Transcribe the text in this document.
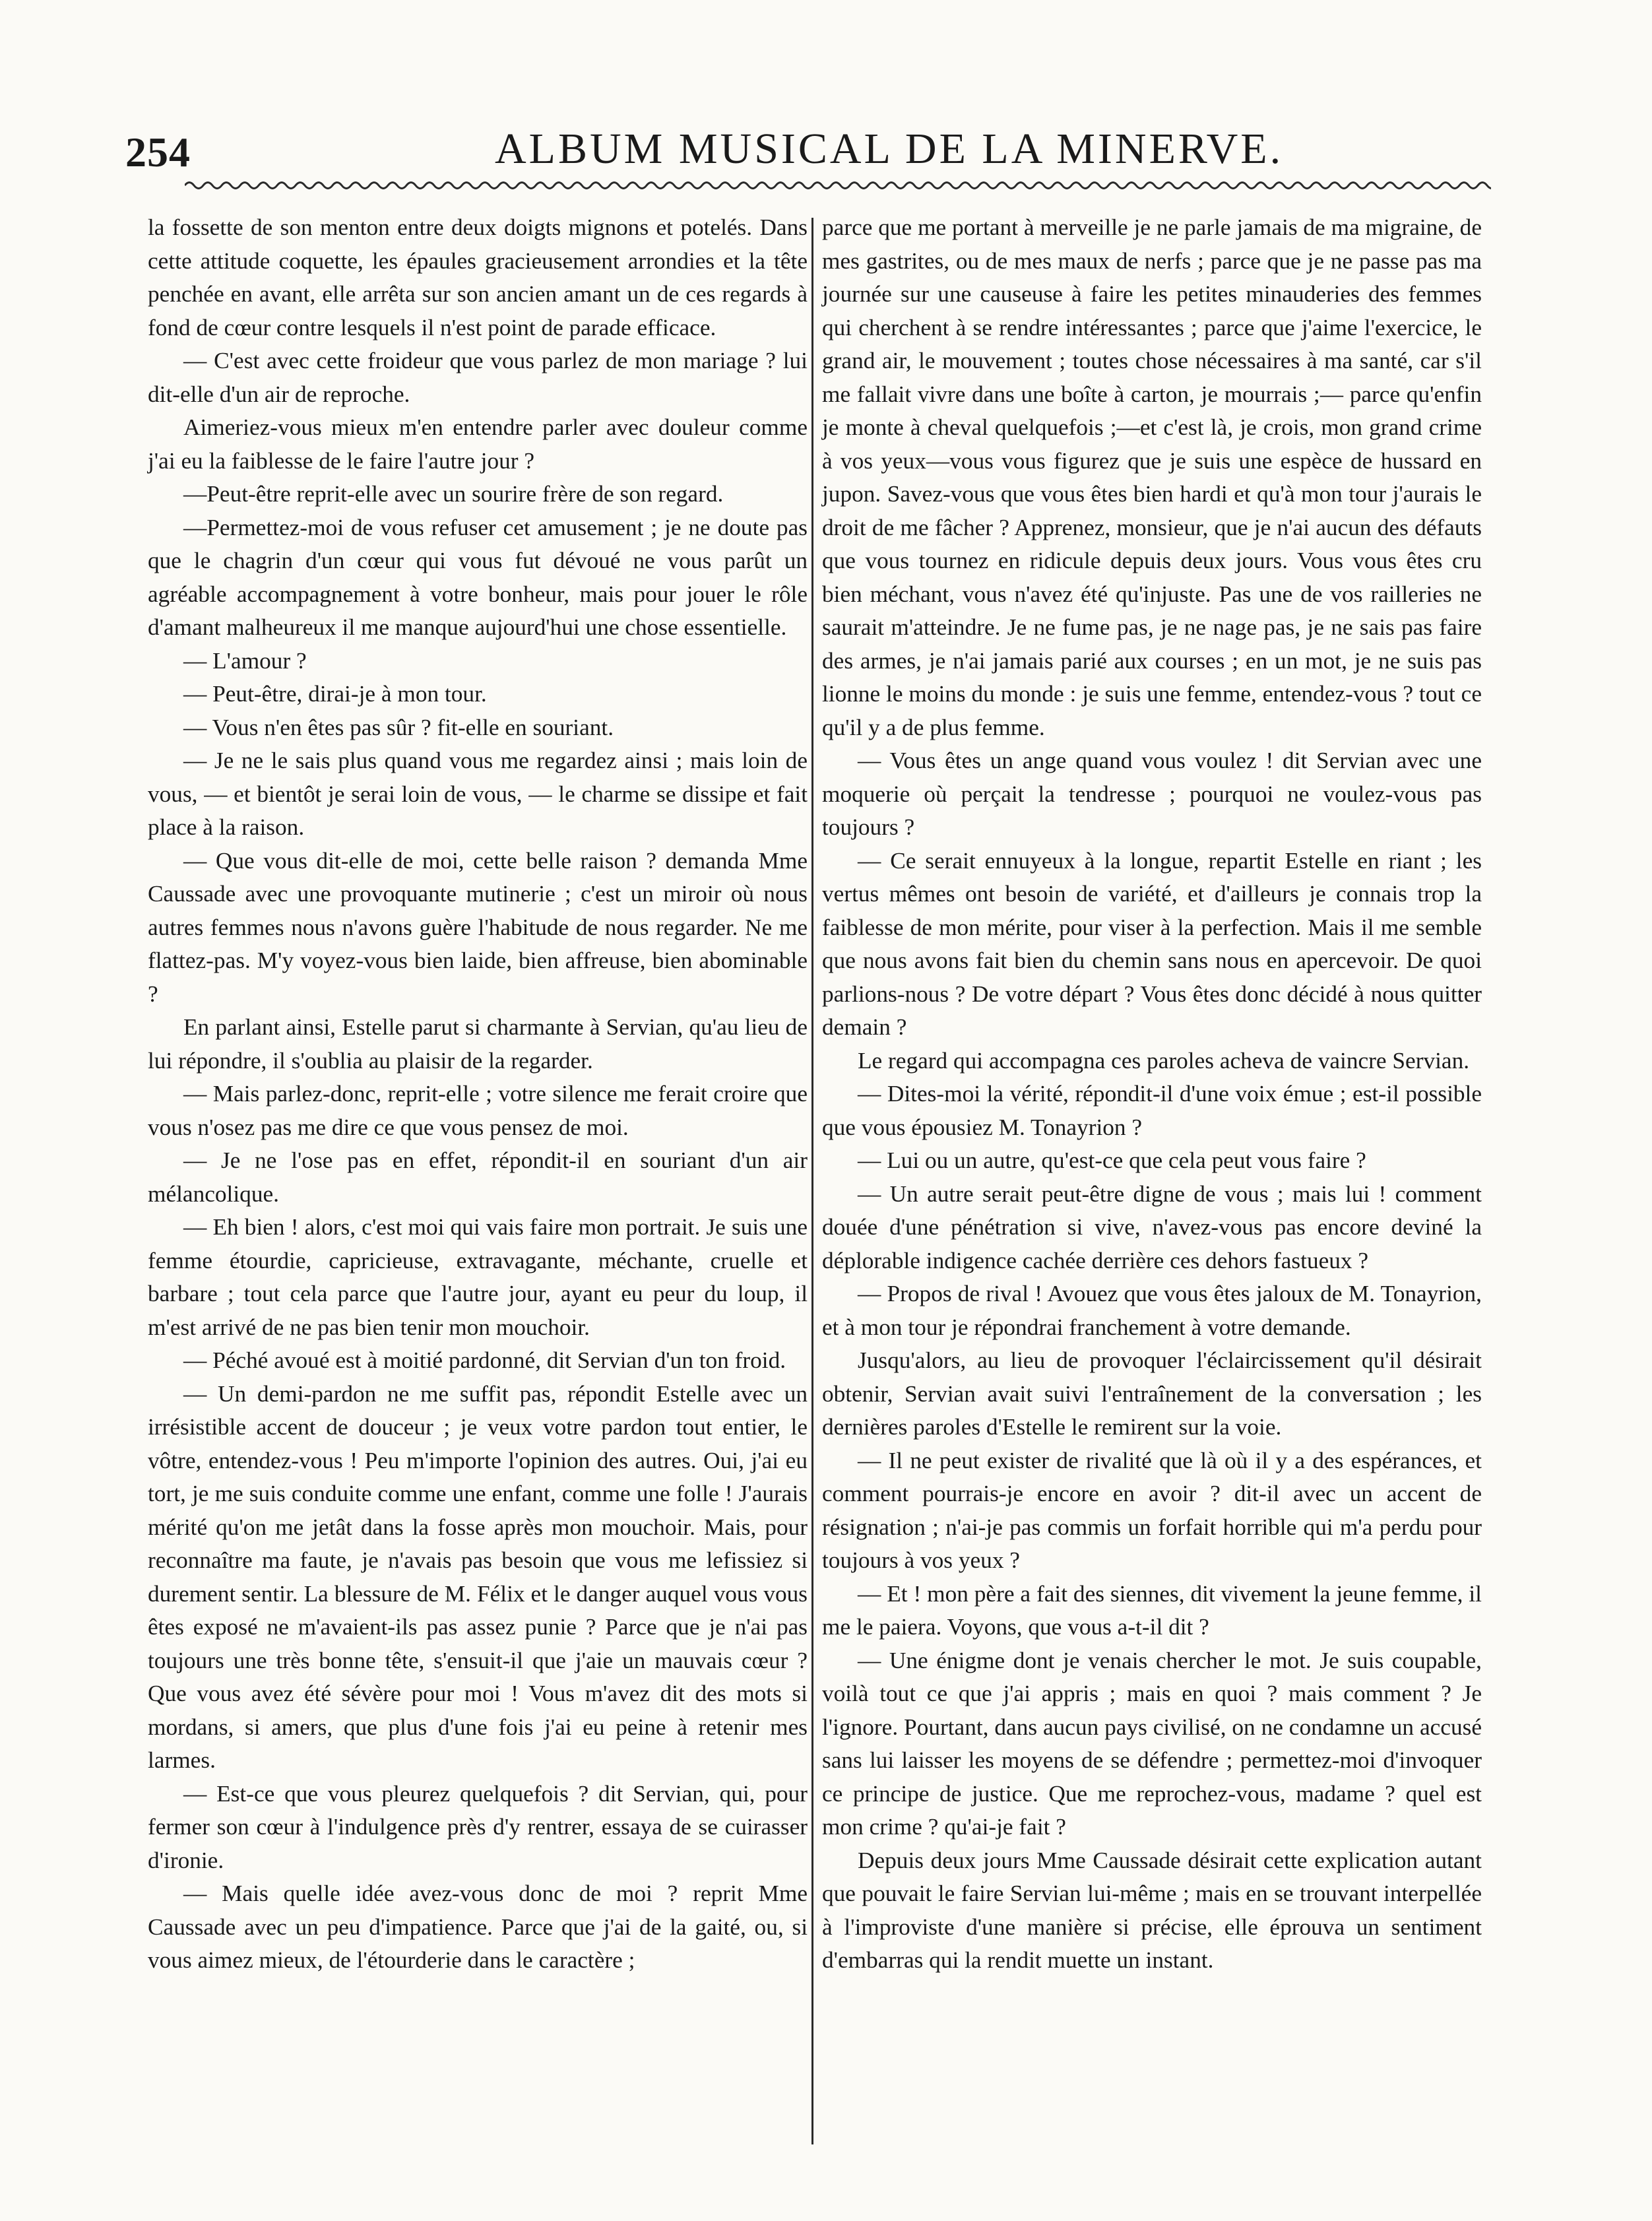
254	ALBUM MUSICAL DE LA MINERVE.

la fossette de son menton entre deux doigts mignons et potelés. Dans cette attitude coquette, les épaules gracieusement arrondies et la tête penchée en avant, elle arrêta sur son ancien amant un de ces regards à fond de cœur contre lesquels il n'est point de parade efficace.

— C'est avec cette froideur que vous parlez de mon mariage ? lui dit-elle d'un air de reproche.

Aimeriez-vous mieux m'en entendre parler avec douleur comme j'ai eu la faiblesse de le faire l'autre jour ?

—Peut-être reprit-elle avec un sourire frère de son regard.

—Permettez-moi de vous refuser cet amusement ; je ne doute pas que le chagrin d'un cœur qui vous fut dévoué ne vous parût un agréable accompagnement à votre bonheur, mais pour jouer le rôle d'amant malheureux il me manque aujourd'hui une chose essentielle.

— L'amour ?

— Peut-être, dirai-je à mon tour.

— Vous n'en êtes pas sûr ? fit-elle en souriant.

— Je ne le sais plus quand vous me regardez ainsi ; mais loin de vous, — et bientôt je serai loin de vous, — le charme se dissipe et fait place à la raison.

— Que vous dit-elle de moi, cette belle raison ? demanda Mme Caussade avec une provoquante mutinerie ; c'est un miroir où nous autres femmes nous n'avons guère l'habitude de nous regarder. Ne me flattez-pas. M'y voyez-vous bien laide, bien affreuse, bien abominable ?

En parlant ainsi, Estelle parut si charmante à Servian, qu'au lieu de lui répondre, il s'oublia au plaisir de la regarder.

— Mais parlez-donc, reprit-elle ; votre silence me ferait croire que vous n'osez pas me dire ce que vous pensez de moi.

— Je ne l'ose pas en effet, répondit-il en souriant d'un air mélancolique.

— Eh bien ! alors, c'est moi qui vais faire mon portrait. Je suis une femme étourdie, capricieuse, extravagante, méchante, cruelle et barbare ; tout cela parce que l'autre jour, ayant eu peur du loup, il m'est arrivé de ne pas bien tenir mon mouchoir.

— Péché avoué est à moitié pardonné, dit Servian d'un ton froid.

— Un demi-pardon ne me suffit pas, répondit Estelle avec un irrésistible accent de douceur ; je veux votre pardon tout entier, le vôtre, entendez-vous ! Peu m'importe l'opinion des autres. Oui, j'ai eu tort, je me suis conduite comme une enfant, comme une folle ! J'aurais mérité qu'on me jetât dans la fosse après mon mouchoir. Mais, pour reconnaître ma faute, je n'avais pas besoin que vous me lefissiez si durement sentir. La blessure de M. Félix et le danger auquel vous vous êtes exposé ne m'avaient-ils pas assez punie ? Parce que je n'ai pas toujours une très bonne tête, s'ensuit-il que j'aie un mauvais cœur ? Que vous avez été sévère pour moi ! Vous m'avez dit des mots si mordans, si amers, que plus d'une fois j'ai eu peine à retenir mes larmes.

— Est-ce que vous pleurez quelquefois ? dit Servian, qui, pour fermer son cœur à l'indulgence près d'y rentrer, essaya de se cuirasser d'ironie.

— Mais quelle idée avez-vous donc de moi ? reprit Mme Caussade avec un peu d'impatience. Parce que j'ai de la gaité, ou, si vous aimez mieux, de l'étourderie dans le caractère ;

parce que me portant à merveille je ne parle jamais de ma migraine, de mes gastrites, ou de mes maux de nerfs ; parce que je ne passe pas ma journée sur une causeuse à faire les petites minauderies des femmes qui cherchent à se rendre intéressantes ; parce que j'aime l'exercice, le grand air, le mouvement ; toutes chose nécessaires à ma santé, car s'il me fallait vivre dans une boîte à carton, je mourrais ;— parce qu'enfin je monte à cheval quelquefois ;—et c'est là, je crois, mon grand crime à vos yeux—vous vous figurez que je suis une espèce de hussard en jupon. Savez-vous que vous êtes bien hardi et qu'à mon tour j'aurais le droit de me fâcher ? Apprenez, monsieur, que je n'ai aucun des défauts que vous tournez en ridicule depuis deux jours. Vous vous êtes cru bien méchant, vous n'avez été qu'injuste. Pas une de vos railleries ne saurait m'atteindre. Je ne fume pas, je ne nage pas, je ne sais pas faire des armes, je n'ai jamais parié aux courses ; en un mot, je ne suis pas lionne le moins du monde : je suis une femme, entendez-vous ? tout ce qu'il y a de plus femme.

— Vous êtes un ange quand vous voulez ! dit Servian avec une moquerie où perçait la tendresse ; pourquoi ne voulez-vous pas toujours ?

— Ce serait ennuyeux à la longue, repartit Estelle en riant ; les vertus mêmes ont besoin de variété, et d'ailleurs je connais trop la faiblesse de mon mérite, pour viser à la perfection. Mais il me semble que nous avons fait bien du chemin sans nous en apercevoir. De quoi parlions-nous ? De votre départ ? Vous êtes donc décidé à nous quitter demain ?

Le regard qui accompagna ces paroles acheva de vaincre Servian.

— Dites-moi la vérité, répondit-il d'une voix émue ; est-il possible que vous épousiez M. Tonayrion ?

— Lui ou un autre, qu'est-ce que cela peut vous faire ?

— Un autre serait peut-être digne de vous ; mais lui ! comment douée d'une pénétration si vive, n'avez-vous pas encore deviné la déplorable indigence cachée derrière ces dehors fastueux ?

— Propos de rival ! Avouez que vous êtes jaloux de M. Tonayrion, et à mon tour je répondrai franchement à votre demande.

Jusqu'alors, au lieu de provoquer l'éclaircissement qu'il désirait obtenir, Servian avait suivi l'entraînement de la conversation ; les dernières paroles d'Estelle le remirent sur la voie.

— Il ne peut exister de rivalité que là où il y a des espérances, et comment pourrais-je encore en avoir ? dit-il avec un accent de résignation ; n'ai-je pas commis un forfait horrible qui m'a perdu pour toujours à vos yeux ?

— Et ! mon père a fait des siennes, dit vivement la jeune femme, il me le paiera. Voyons, que vous a-t-il dit ?

— Une énigme dont je venais chercher le mot. Je suis coupable, voilà tout ce que j'ai appris ; mais en quoi ? mais comment ? Je l'ignore. Pourtant, dans aucun pays civilisé, on ne condamne un accusé sans lui laisser les moyens de se défendre ; permettez-moi d'invoquer ce principe de justice. Que me reprochez-vous, madame ? quel est mon crime ? qu'ai-je fait ?

Depuis deux jours Mme Caussade désirait cette explication autant que pouvait le faire Servian lui-même ; mais en se trouvant interpellée à l'improviste d'une manière si précise, elle éprouva un sentiment d'embarras qui la rendit muette un instant.
